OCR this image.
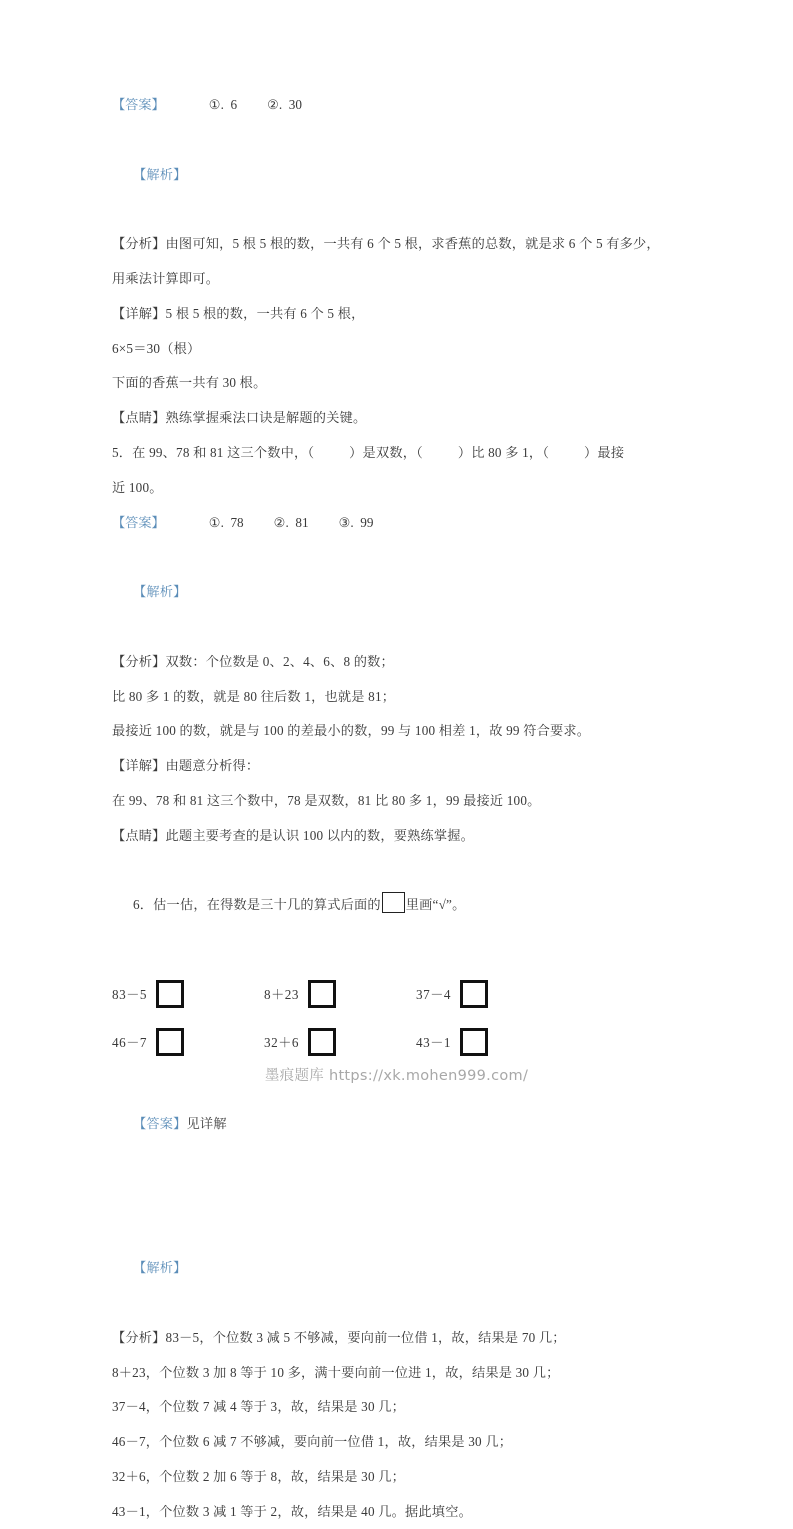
【答案】	①.  6 ②.  30

【解析】

【分析】由图可知，5 根 5 根的数，一共有 6 个 5 根，求香蕉的总数，就是求 6 个 5 有多少，
用乘法计算即可。
【详解】5 根 5 根的数，一共有 6 个 5 根，
6×5＝30（根）
下面的香蕉一共有 30 根。
【点睛】熟练掌握乘法口诀是解题的关键。
5．在 99、78 和 81 这三个数中，（          ）是双数，（          ）比 80 多 1，（          ）最接
近 100。
【答案】	①.  78 ②.  81 ③.  99

【解析】

【分析】双数：个位数是 0、2、4、6、8 的数；
比 80 多 1 的数，就是 80 往后数 1，也就是 81；
最接近 100 的数，就是与 100 的差最小的数，99 与 100 相差 1，故 99 符合要求。
【详解】由题意分析得：
在 99、78 和 81 这三个数中，78 是双数，81 比 80 多 1，99 最接近 100。
【点睛】此题主要考查的是认识 100 以内的数，要熟练掌握。

6．估一估，在得数是三十几的算式后面的 里画“√”。

83－5	8＋23	37－4
46－7	32＋6	43－1

【答案】见详解

【解析】

【分析】83－5，个位数 3 减 5 不够减，要向前一位借 1，故，结果是 70 几；
8＋23，个位数 3 加 8 等于 10 多，满十要向前一位进 1，故，结果是 30 几；
37－4，个位数 7 减 4 等于 3，故，结果是 30 几；
46－7，个位数 6 减 7 不够减，要向前一位借 1，故，结果是 30 几；
32＋6，个位数 2 加 6 等于 8，故，结果是 30 几；
43－1，个位数 3 减 1 等于 2，故，结果是 40 几。据此填空。
墨痕题库 https://xk.mohen999.com/
